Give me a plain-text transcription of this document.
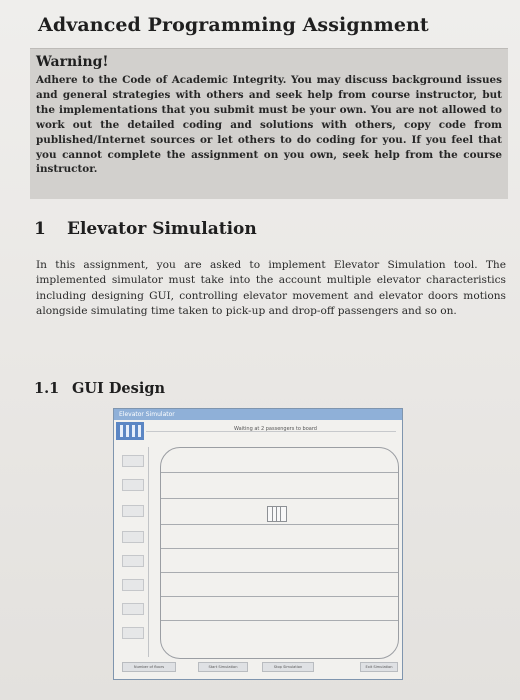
Advanced Programming Assignment
Warning!
Adhere to the Code of Academic Integrity. You may discuss background issues and general strategies with others and seek help from course instructor, but the implementations that you submit must be your own. You are not allowed to work out the detailed coding and solutions with others, copy code from published/Internet sources or let others to do coding for you. If you feel that you cannot complete the assignment on you own, seek help from the course instructor.
1 Elevator Simulation
In this assignment, you are asked to implement Elevator Simulation tool. The implemented simulator must take into the account multiple elevator characteristics including designing GUI, controlling elevator movement and elevator doors motions alongside simulating time taken to pick-up and drop-off passengers and so on.
1.1 GUI Design
Elevator Simulator
Waiting at 2 passengers to board
Number of floors	Start Simulation	Stop Simulation	Exit Simulation
